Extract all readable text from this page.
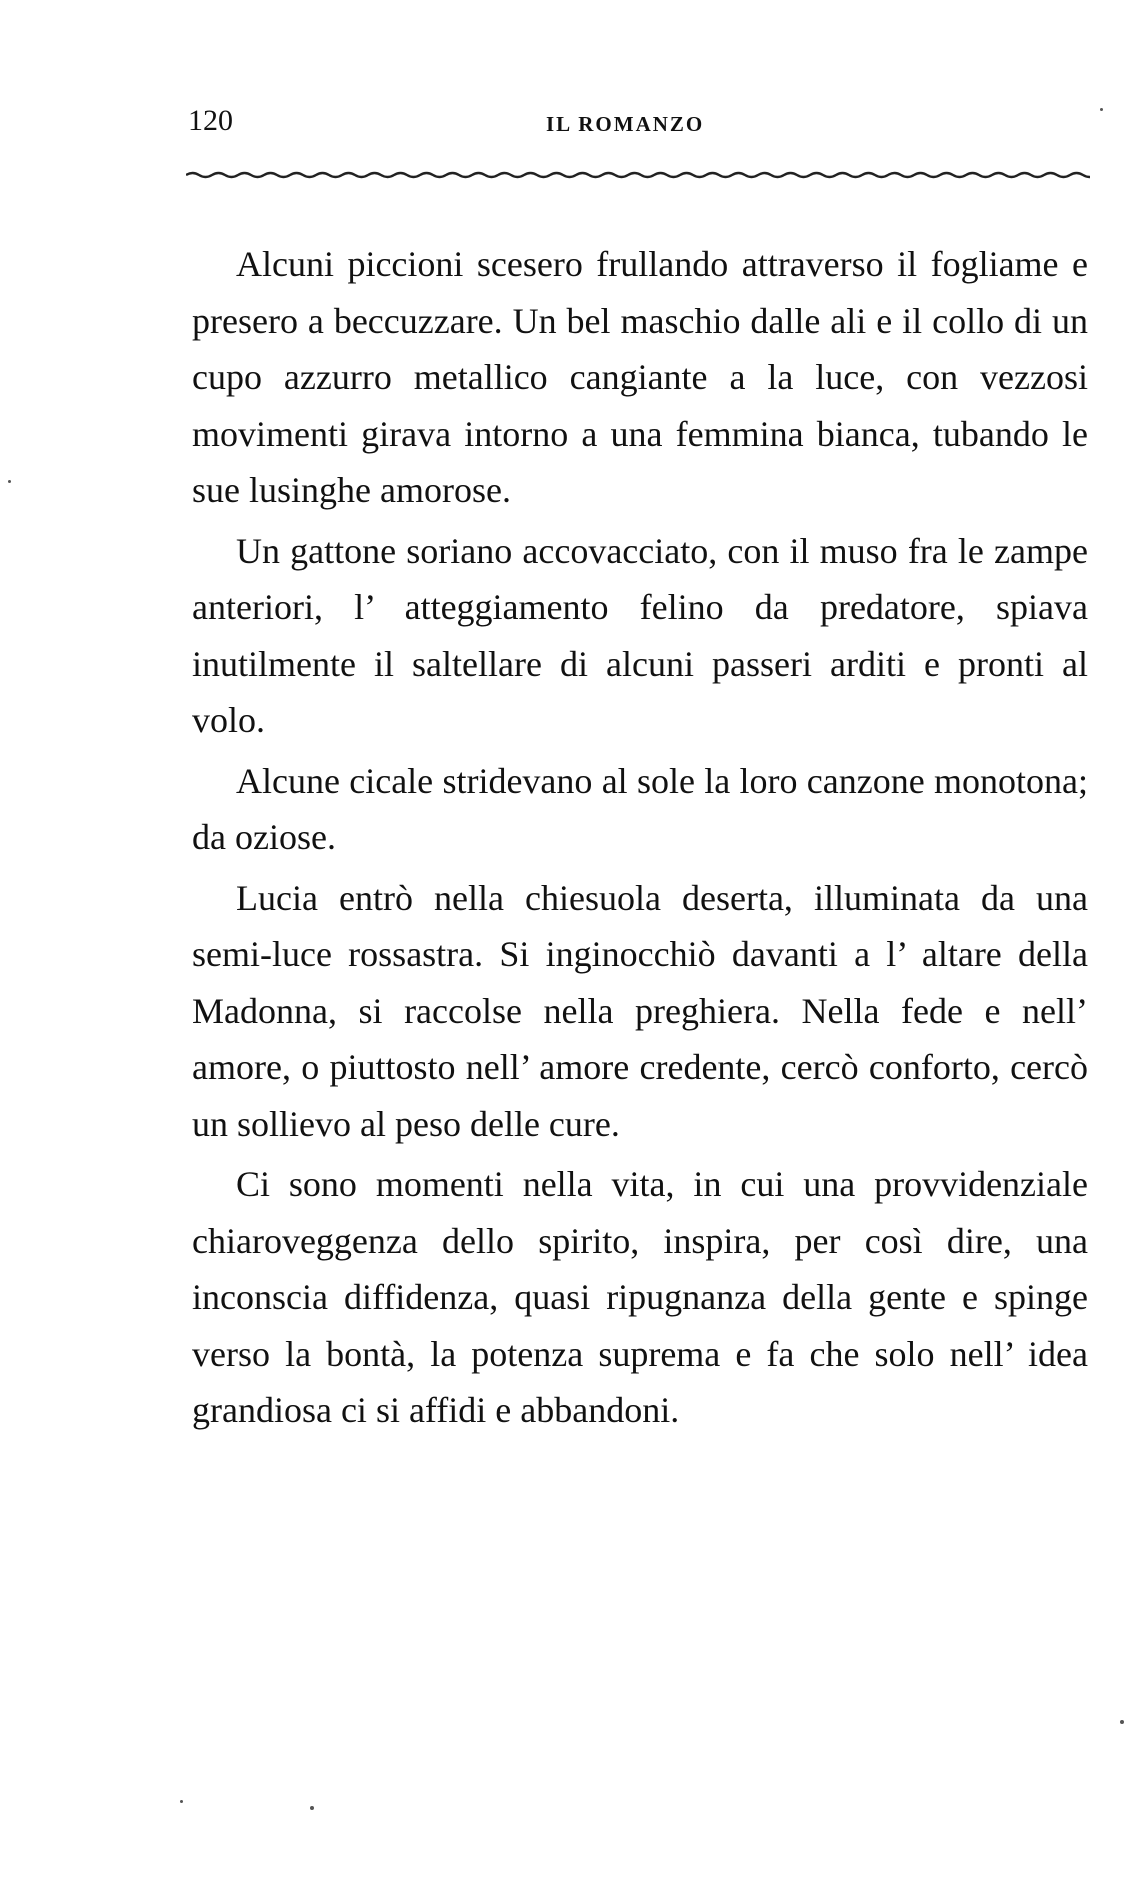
120	IL ROMANZO

Alcuni piccioni scesero frullando attraverso il fogliame e presero a beccuzzare. Un bel maschio dalle ali e il collo di un cupo azzurro metallico cangiante a la luce, con vezzosi movimenti girava intorno a una femmina bianca, tubando le sue lusinghe amorose.

Un gattone soriano accovacciato, con il muso fra le zampe anteriori, l’ atteggiamento felino da predatore, spiava inutilmente il saltellare di alcuni passeri arditi e pronti al volo.

Alcune cicale stridevano al sole la loro canzone monotona; da oziose.

Lucia entrò nella chiesuola deserta, illuminata da una semi-luce rossastra. Si inginocchiò davanti a l’ altare della Madonna, si raccolse nella preghiera. Nella fede e nell’ amore, o piuttosto nell’ amore credente, cercò conforto, cercò un sollievo al peso delle cure.

Ci sono momenti nella vita, in cui una provvidenziale chiaroveggenza dello spirito, inspira, per così dire, una inconscia diffidenza, quasi ripugnanza della gente e spinge verso la bontà, la potenza suprema e fa che solo nell’ idea grandiosa ci si affidi e abbandoni.
